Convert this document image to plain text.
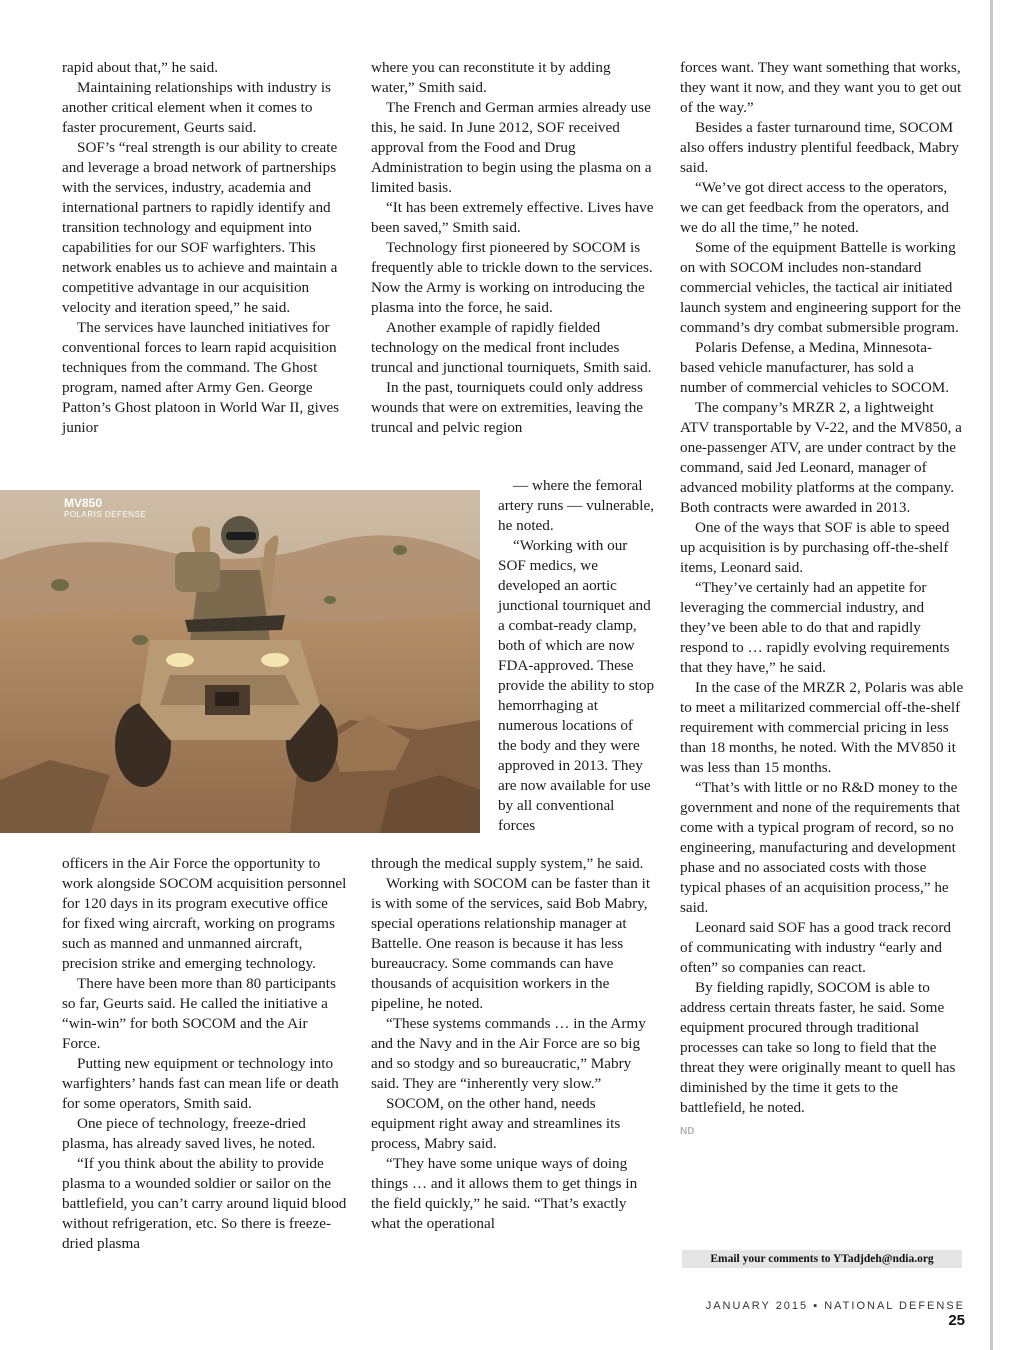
rapid about that,” he said.

Maintaining relationships with industry is another critical element when it comes to faster procurement, Geurts said.

SOF’s “real strength is our ability to create and leverage a broad network of partnerships with the services, industry, academia and international partners to rapidly identify and transition technology and equipment into capabilities for our SOF warfighters. This network enables us to achieve and maintain a competitive advantage in our acquisition velocity and iteration speed,” he said.

The services have launched initiatives for conventional forces to learn rapid acquisition techniques from the command. The Ghost program, named after Army Gen. George Patton’s Ghost platoon in World War II, gives junior

officers in the Air Force the opportunity to work alongside SOCOM acquisition personnel for 120 days in its program executive office for fixed wing aircraft, working on programs such as manned and unmanned aircraft, precision strike and emerging technology.

There have been more than 80 participants so far, Geurts said. He called the initiative a “win-win” for both SOCOM and the Air Force.

Putting new equipment or technology into warfighters’ hands fast can mean life or death for some operators, Smith said.

One piece of technology, freeze-dried plasma, has already saved lives, he noted.

“If you think about the ability to provide plasma to a wounded soldier or sailor on the battlefield, you can’t carry around liquid blood without refrigeration, etc. So there is freeze-dried plasma

where you can reconstitute it by adding water,” Smith said.

The French and German armies already use this, he said. In June 2012, SOF received approval from the Food and Drug Administration to begin using the plasma on a limited basis.

“It has been extremely effective. Lives have been saved,” Smith said.

Technology first pioneered by SOCOM is frequently able to trickle down to the services. Now the Army is working on introducing the plasma into the force, he said.

Another example of rapidly fielded technology on the medical front includes truncal and junctional tourniquets, Smith said.

In the past, tourniquets could only address wounds that were on extremities, leaving the truncal and pelvic region

— where the femoral artery runs — vulnerable, he noted.

“Working with our SOF medics, we developed an aortic junctional tourniquet and a combat-ready clamp, both of which are now FDA-approved. These provide the ability to stop hemorrhaging at numerous locations of the body and they were approved in 2013. They are now available for use by all conventional forces

through the medical supply system,” he said.

Working with SOCOM can be faster than it is with some of the services, said Bob Mabry, special operations relationship manager at Battelle. One reason is because it has less bureaucracy. Some commands can have thousands of acquisition workers in the pipeline, he noted.

“These systems commands … in the Army and the Navy and in the Air Force are so big and so stodgy and so bureaucratic,” Mabry said. They are “inherently very slow.”

SOCOM, on the other hand, needs equipment right away and streamlines its process, Mabry said.

“They have some unique ways of doing things … and it allows them to get things in the field quickly,” he said. “That’s exactly what the operational

forces want. They want something that works, they want it now, and they want you to get out of the way.”

Besides a faster turnaround time, SOCOM also offers industry plentiful feedback, Mabry said.

“We’ve got direct access to the operators, we can get feedback from the operators, and we do all the time,” he noted.

Some of the equipment Battelle is working on with SOCOM includes non-standard commercial vehicles, the tactical air initiated launch system and engineering support for the command’s dry combat submersible program.

Polaris Defense, a Medina, Minnesota-based vehicle manufacturer, has sold a number of commercial vehicles to SOCOM.

The company’s MRZR 2, a lightweight ATV transportable by V-22, and the MV850, a one-passenger ATV, are under contract by the command, said Jed Leonard, manager of advanced mobility platforms at the company. Both contracts were awarded in 2013.

One of the ways that SOF is able to speed up acquisition is by purchasing off-the-shelf items, Leonard said.

“They’ve certainly had an appetite for leveraging the commercial industry, and they’ve been able to do that and rapidly respond to … rapidly evolving requirements that they have,” he said.

In the case of the MRZR 2, Polaris was able to meet a militarized commercial off-the-shelf requirement with commercial pricing in less than 18 months, he noted. With the MV850 it was less than 15 months.

“That’s with little or no R&D money to the government and none of the requirements that come with a typical program of record, so no engineering, manufacturing and development phase and no associated costs with those typical phases of an acquisition process,” he said.

Leonard said SOF has a good track record of communicating with industry “early and often” so companies can react.

By fielding rapidly, SOCOM is able to address certain threats faster, he said. Some equipment procured through traditional processes can take so long to field that the threat they were originally meant to quell has diminished by the time it gets to the battlefield, he noted.

ND
MV850
POLARIS DEFENSE
Email your comments to YTadjdeh@ndia.org
JANUARY 2015 ▪ NATIONAL DEFENSE 25
